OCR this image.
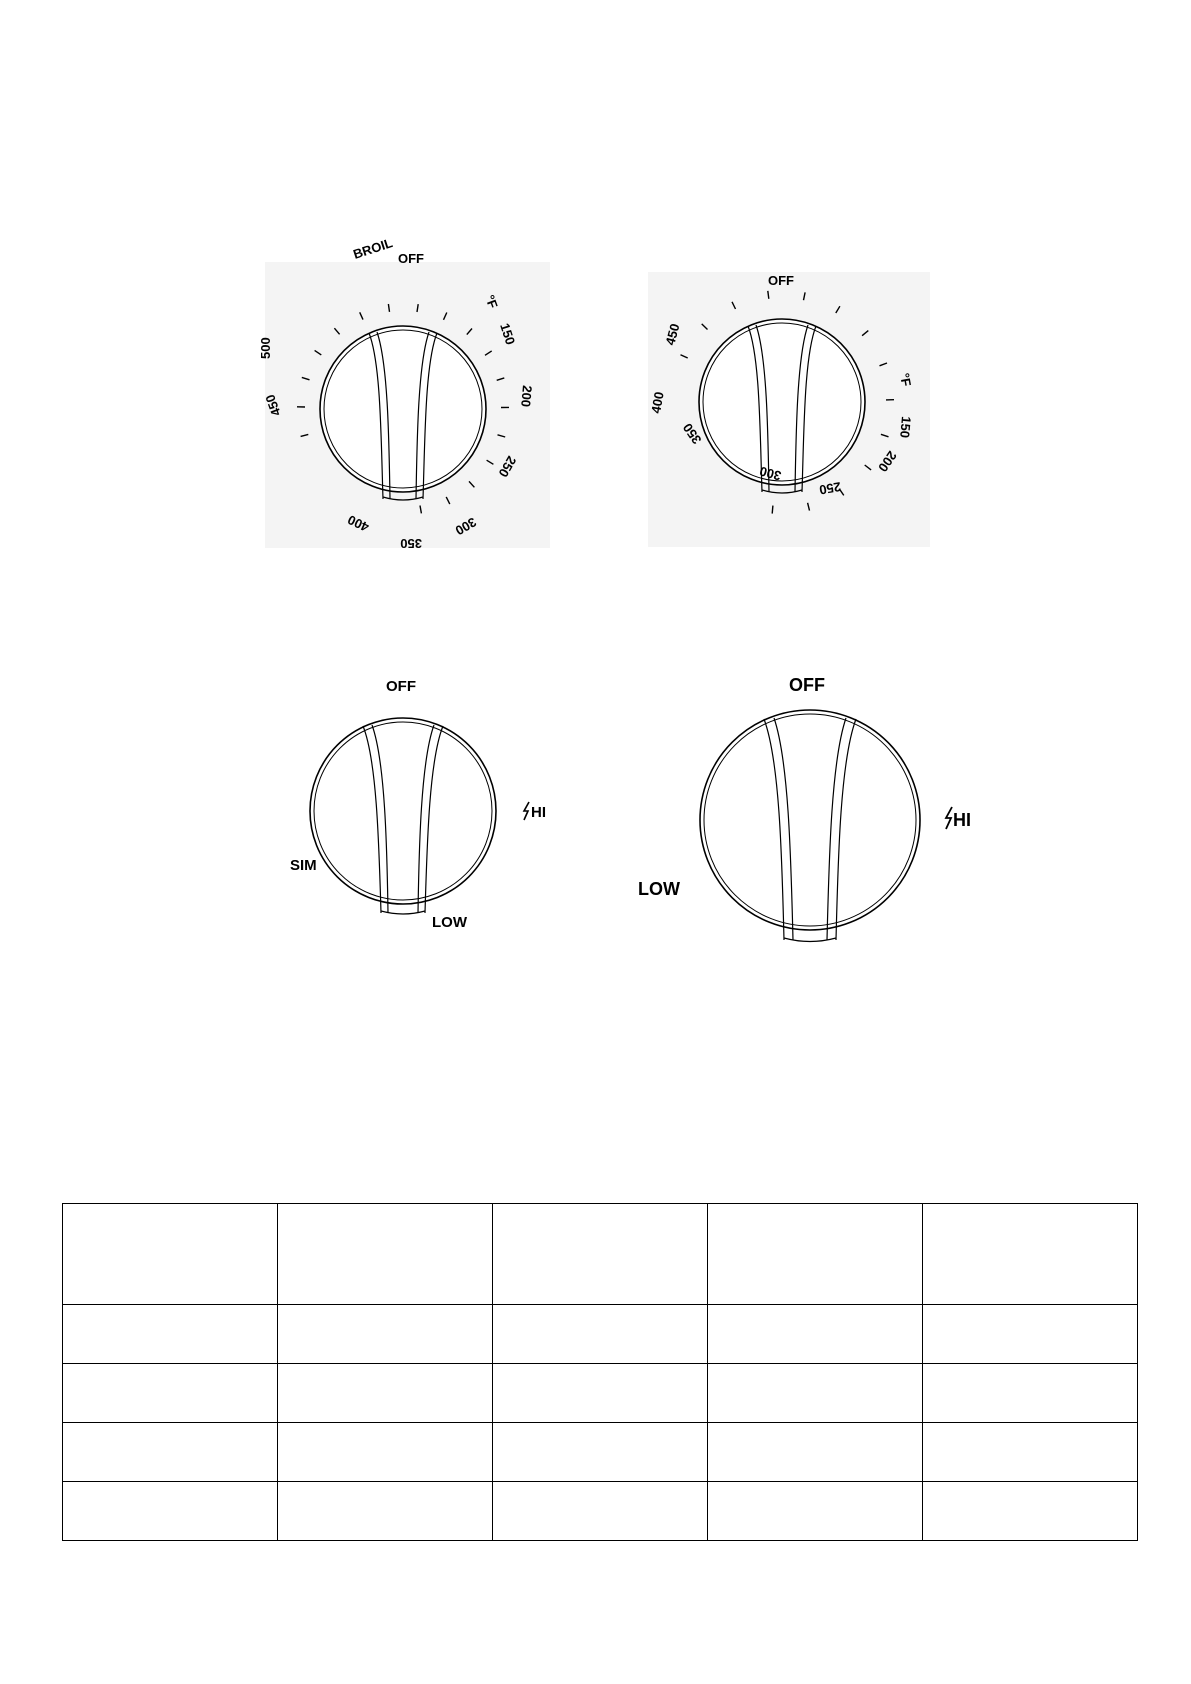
BROIL OFF
°F
150
200
250
300
350
400
450
500
OFF
°F
150
200
250
300
350
400
450
OFF
HI
SIM
LOW
OFF
HI
LOW
